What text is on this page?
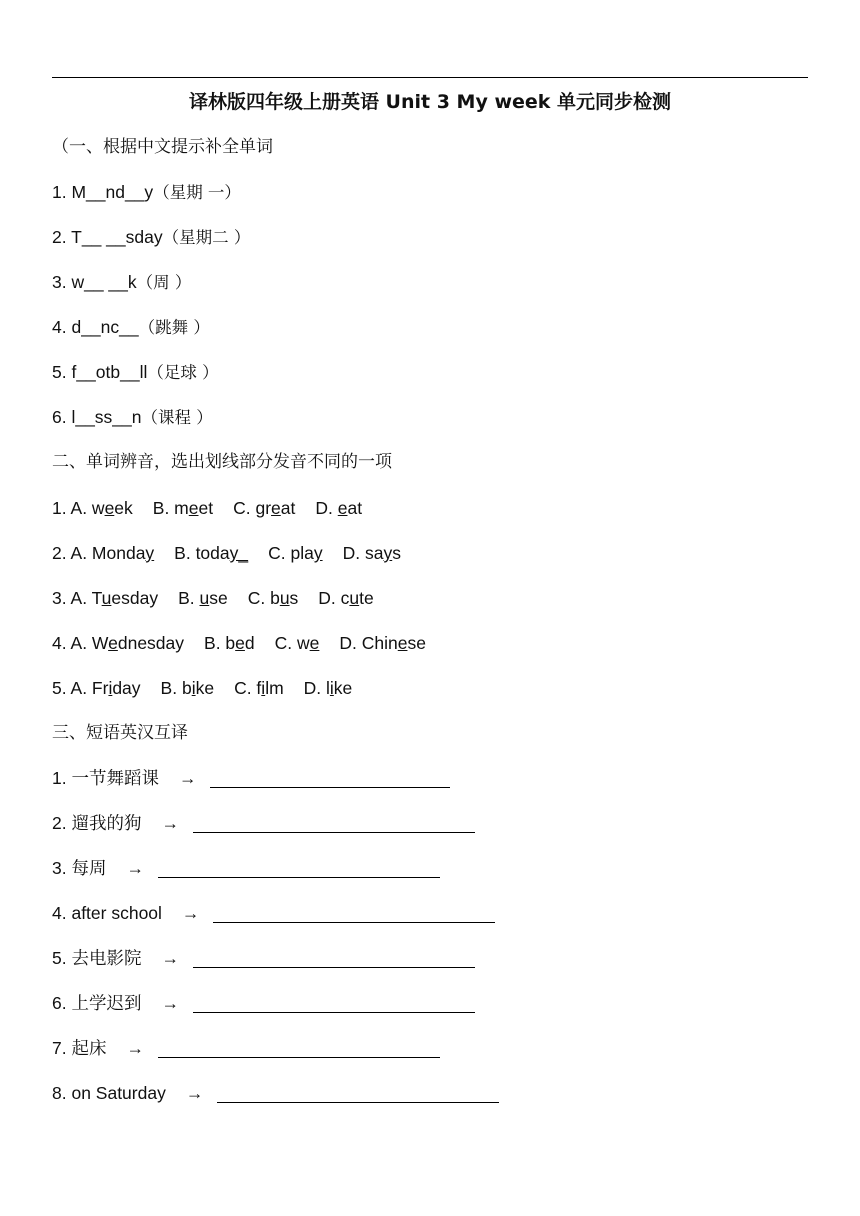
译林版四年级上册英语 Unit 3 My week 单元同步检测
（一、根据中文提示补全单词
1. M__nd__y（星期 一）
2. T__ __sday（星期二 ）
3. w__ __k（周 ）
4. d__nc__（跳舞 ）
5. f__otb__ll（足球 ）
6. l__ss__n（课程 ）
二、单词辨音，选出划线部分发音不同的一项
1. A. week B. meet C. great D. eat
2. A. Monday B. today_ C. play D. says
3. A. Tuesday B. use C. bus D. cute
4. A. Wednesday B. bed C. we D. Chinese
5. A. Friday B. bike C. film D. like
三、短语英汉互译
1. 一节舞蹈课 →
2. 遛我的狗 →
3. 每周 →
4. after school →
5. 去电影院 →
6. 上学迟到 →
7. 起床 →
8. on Saturday →
